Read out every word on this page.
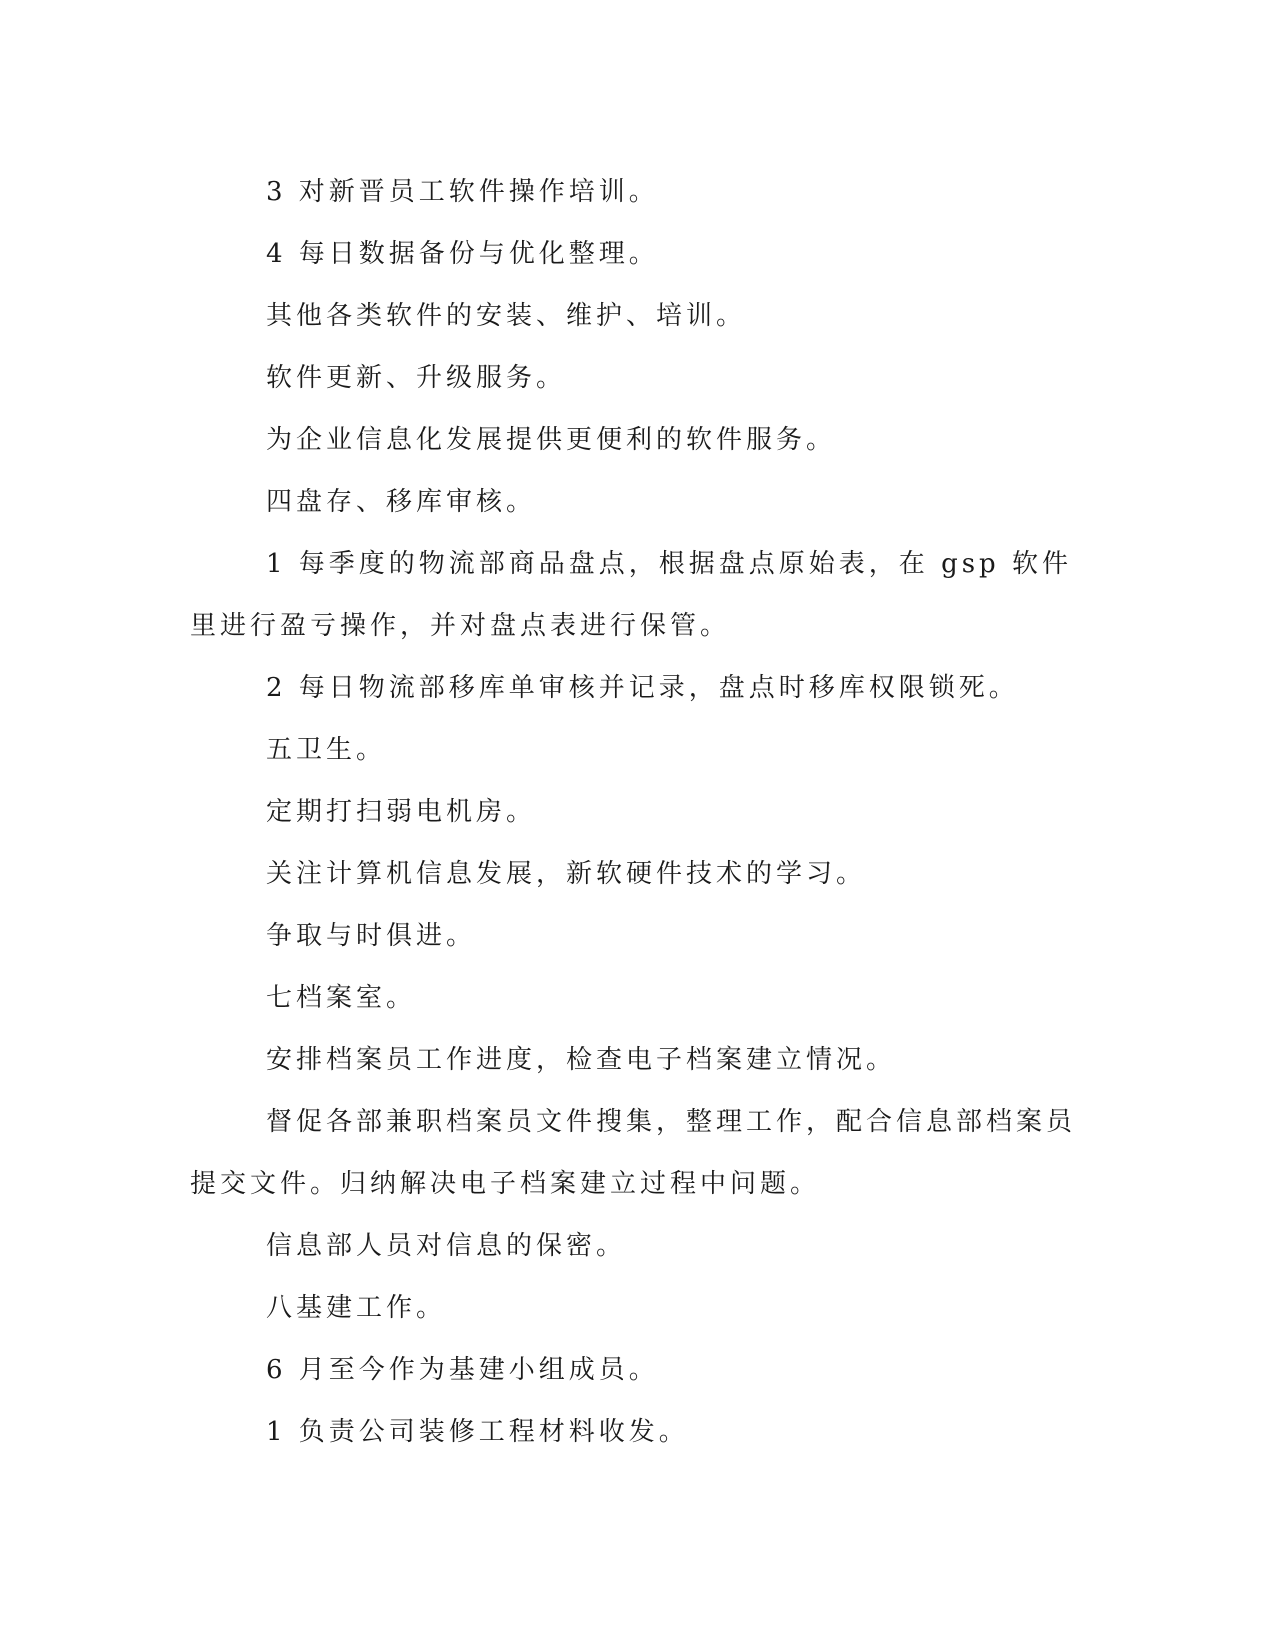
3 对新晋员工软件操作培训。

4 每日数据备份与优化整理。

其他各类软件的安装、维护、培训。

软件更新、升级服务。

为企业信息化发展提供更便利的软件服务。

四盘存、移库审核。

1 每季度的物流部商品盘点，根据盘点原始表，在 gsp 软件里进行盈亏操作，并对盘点表进行保管。

2 每日物流部移库单审核并记录，盘点时移库权限锁死。

五卫生。

定期打扫弱电机房。

关注计算机信息发展，新软硬件技术的学习。

争取与时俱进。

七档案室。

安排档案员工作进度，检查电子档案建立情况。

督促各部兼职档案员文件搜集，整理工作，配合信息部档案员提交文件。归纳解决电子档案建立过程中问题。

信息部人员对信息的保密。

八基建工作。

6 月至今作为基建小组成员。

1 负责公司装修工程材料收发。
